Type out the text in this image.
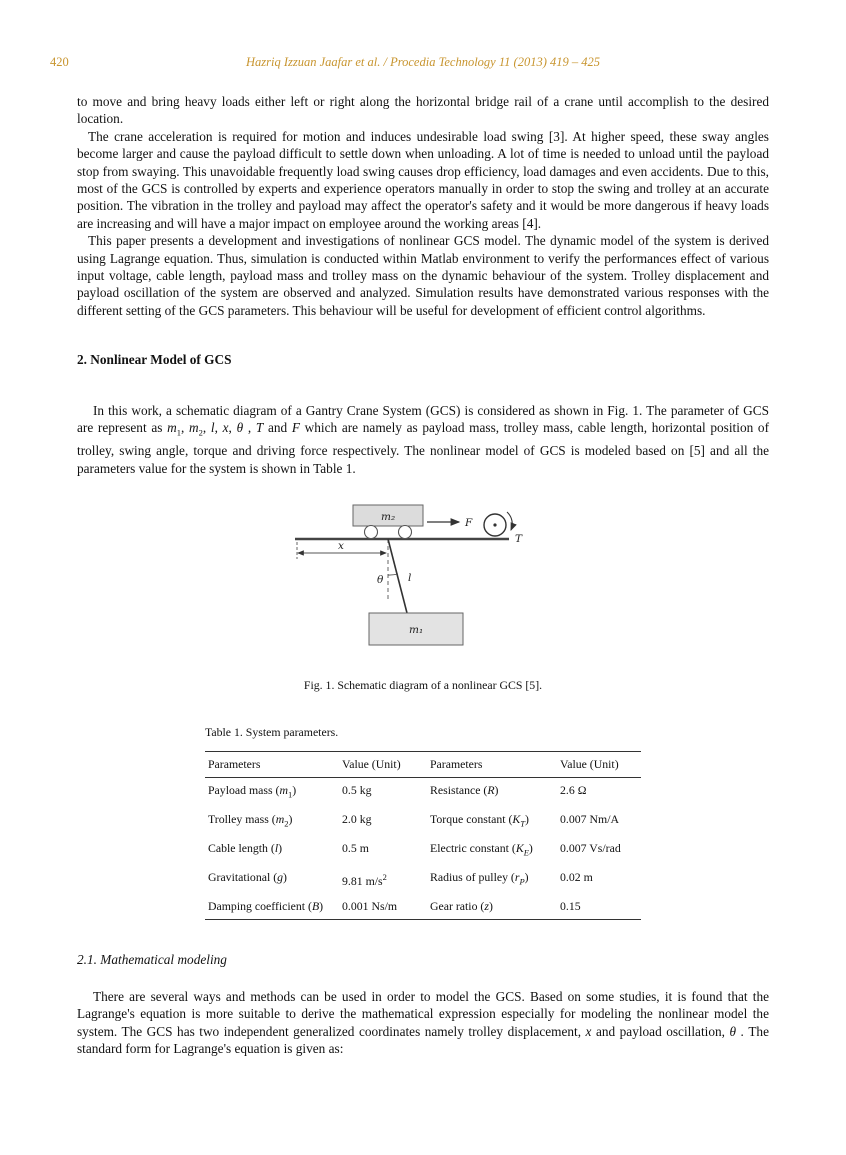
420	Hazriq Izzuan Jaafar et al. / Procedia Technology 11 (2013) 419 – 425

to move and bring heavy loads either left or right along the horizontal bridge rail of a crane until accomplish to the desired location.

The crane acceleration is required for motion and induces undesirable load swing [3]. At higher speed, these sway angles become larger and cause the payload difficult to settle down when unloading. A lot of time is needed to unload until the payload stop from swaying. This unavoidable frequently load swing causes drop efficiency, load damages and even accidents. Due to this, most of the GCS is controlled by experts and experience operators manually in order to stop the swing and trolley at an accurate position. The vibration in the trolley and payload may affect the operator's safety and it would be more dangerous if heavy loads are increasing and will have a major impact on employee around the working areas [4].

This paper presents a development and investigations of nonlinear GCS model. The dynamic model of the system is derived using Lagrange equation. Thus, simulation is conducted within Matlab environment to verify the performances effect of various input voltage, cable length, payload mass and trolley mass on the dynamic behaviour of the system. Trolley displacement and payload oscillation of the system are observed and analyzed. Simulation results have demonstrated various responses with the different setting of the GCS parameters. This behaviour will be useful for development of efficient control algorithms.

2. Nonlinear Model of GCS

In this work, a schematic diagram of a Gantry Crane System (GCS) is considered as shown in Fig. 1. The parameter of GCS are represent as $m_1$, $m_2$, l, x, θ , T and F which are namely as payload mass, trolley mass, cable length, horizontal position of trolley, swing angle, torque and driving force respectively. The nonlinear model of GCS is modeled based on [5] and all the parameters value for the system is shown in Table 1.

m₂	F
T
x
l
θ
m₁

Fig. 1. Schematic diagram of a nonlinear GCS [5].

Table 1. System parameters.
Parameters	Value (Unit)	Parameters	Value (Unit)
Payload mass $(m_1)$	0.5 kg	Resistance (R)	2.6 Ω
Trolley mass $(m_2)$	2.0 kg	Torque constant $(K_T)$	0.007 Nm/A
Cable length (l)	0.5 m	Electric constant $(K_E)$	0.007 Vs/rad
Gravitational (g)	9.81 $m/s^2$	Radius of pulley $(r_P)$	0.02 m
Damping coefficient (B)	0.001 Ns/m	Gear ratio (z)	0.15

2.1. Mathematical modeling

There are several ways and methods can be used in order to model the GCS. Based on some studies, it is found that the Lagrange's equation is more suitable to derive the mathematical expression especially for modeling the nonlinear model the system. The GCS has two independent generalized coordinates namely trolley displacement, x and payload oscillation, θ . The standard form for Lagrange's equation is given as:
